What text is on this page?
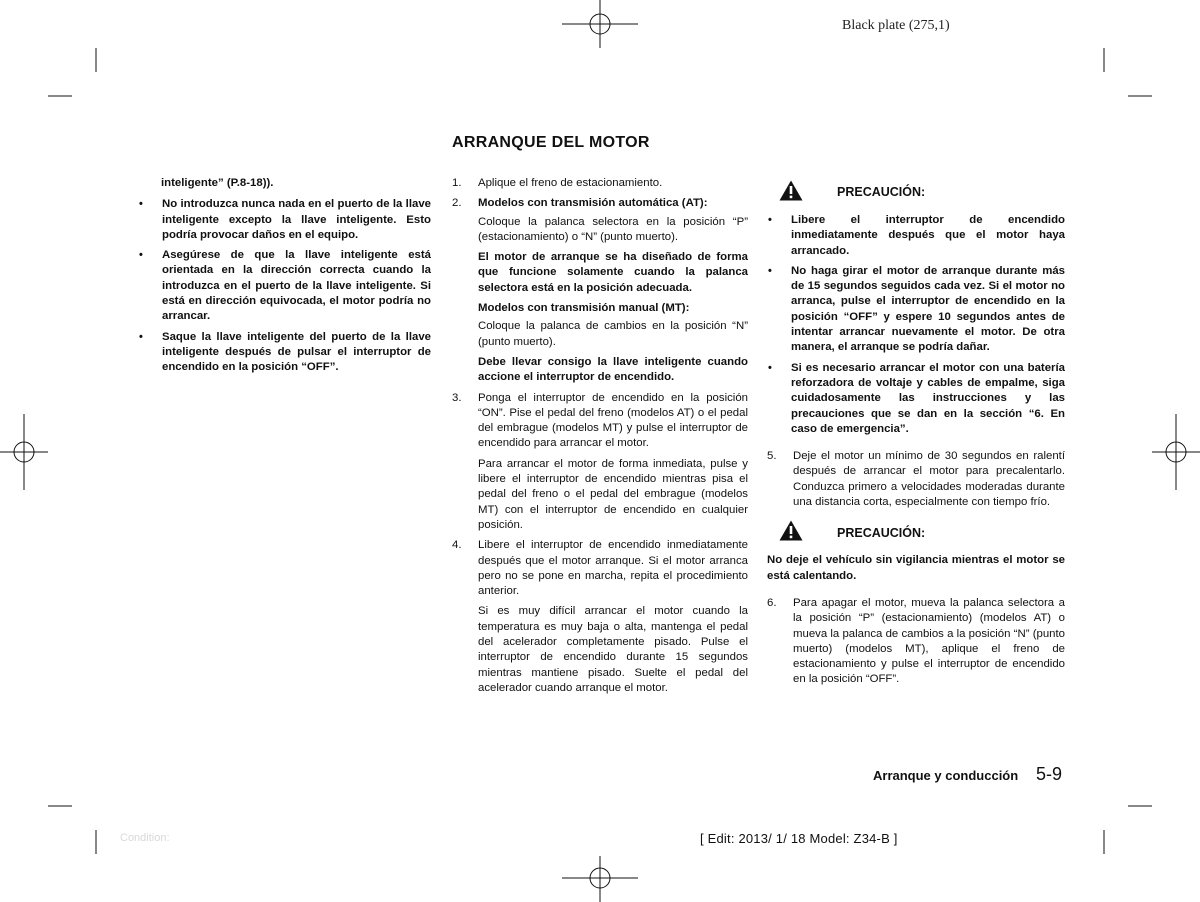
Black plate (275,1)
ARRANQUE DEL MOTOR

inteligente” (P.8-18)).

•	No introduzca nunca nada en el puerto de la llave inteligente excepto la llave inteligente. Esto podría provocar daños en el equipo.
•	Asegúrese de que la llave inteligente está orientada en la dirección correcta cuando la introduzca en el puerto de la llave inteligente. Si está en dirección equivocada, el motor podría no arrancar.
•	Saque la llave inteligente del puerto de la llave inteligente después de pulsar el interruptor de encendido en la posición “OFF”.
1.	Aplique el freno de estacionamiento.
2.	Modelos con transmisión automática (AT):

Coloque la palanca selectora en la posición “P” (estacionamiento) o “N” (punto muerto).

El motor de arranque se ha diseñado de forma que funcione solamente cuando la palanca selectora está en la posición adecuada.

Modelos con transmisión manual (MT):

Coloque la palanca de cambios en la posición “N” (punto muerto).

Debe llevar consigo la llave inteligente cuando accione el interruptor de encendido.

3.	Ponga el interruptor de encendido en la posición “ON”. Pise el pedal del freno (modelos AT) o el pedal del embrague (modelos MT) y pulse el interruptor de encendido para arrancar el motor.

Para arrancar el motor de forma inmediata, pulse y libere el interruptor de encendido mientras pisa el pedal del freno o el pedal del embrague (modelos MT) con el interruptor de encendido en cualquier posición.

4.	Libere el interruptor de encendido inmediatamente después que el motor arranque. Si el motor arranca pero no se pone en marcha, repita el procedimiento anterior.

Si es muy difícil arrancar el motor cuando la temperatura es muy baja o alta, mantenga el pedal del acelerador completamente pisado. Pulse el interruptor de encendido durante 15 segundos mientras mantiene pisado. Suelte el pedal del acelerador cuando arranque el motor.

PRECAUCIÓN:
•	Libere el interruptor de encendido inmediatamente después que el motor haya arrancado.
•	No haga girar el motor de arranque durante más de 15 segundos seguidos cada vez. Si el motor no arranca, pulse el interruptor de encendido en la posición “OFF” y espere 10 segundos antes de intentar arrancar nuevamente el motor. De otra manera, el arranque se podría dañar.
•	Si es necesario arrancar el motor con una batería reforzadora de voltaje y cables de empalme, siga cuidadosamente las instrucciones y las precauciones que se dan en la sección “6. En caso de emergencia”.
5.	Deje el motor un mínimo de 30 segundos en ralentí después de arrancar el motor para precalentarlo. Conduzca primero a velocidades moderadas durante una distancia corta, especialmente con tiempo frío.
PRECAUCIÓN:

No deje el vehículo sin vigilancia mientras el motor se está calentando.

6.	Para apagar el motor, mueva la palanca selectora a la posición “P” (estacionamiento) (modelos AT) o mueva la palanca de cambios a la posición “N” (punto muerto) (modelos MT), aplique el freno de estacionamiento y pulse el interruptor de encendido en la posición “OFF”.
Arranque y conducción 5-9
Condition:	[ Edit: 2013/ 1/ 18 Model: Z34-B ]
